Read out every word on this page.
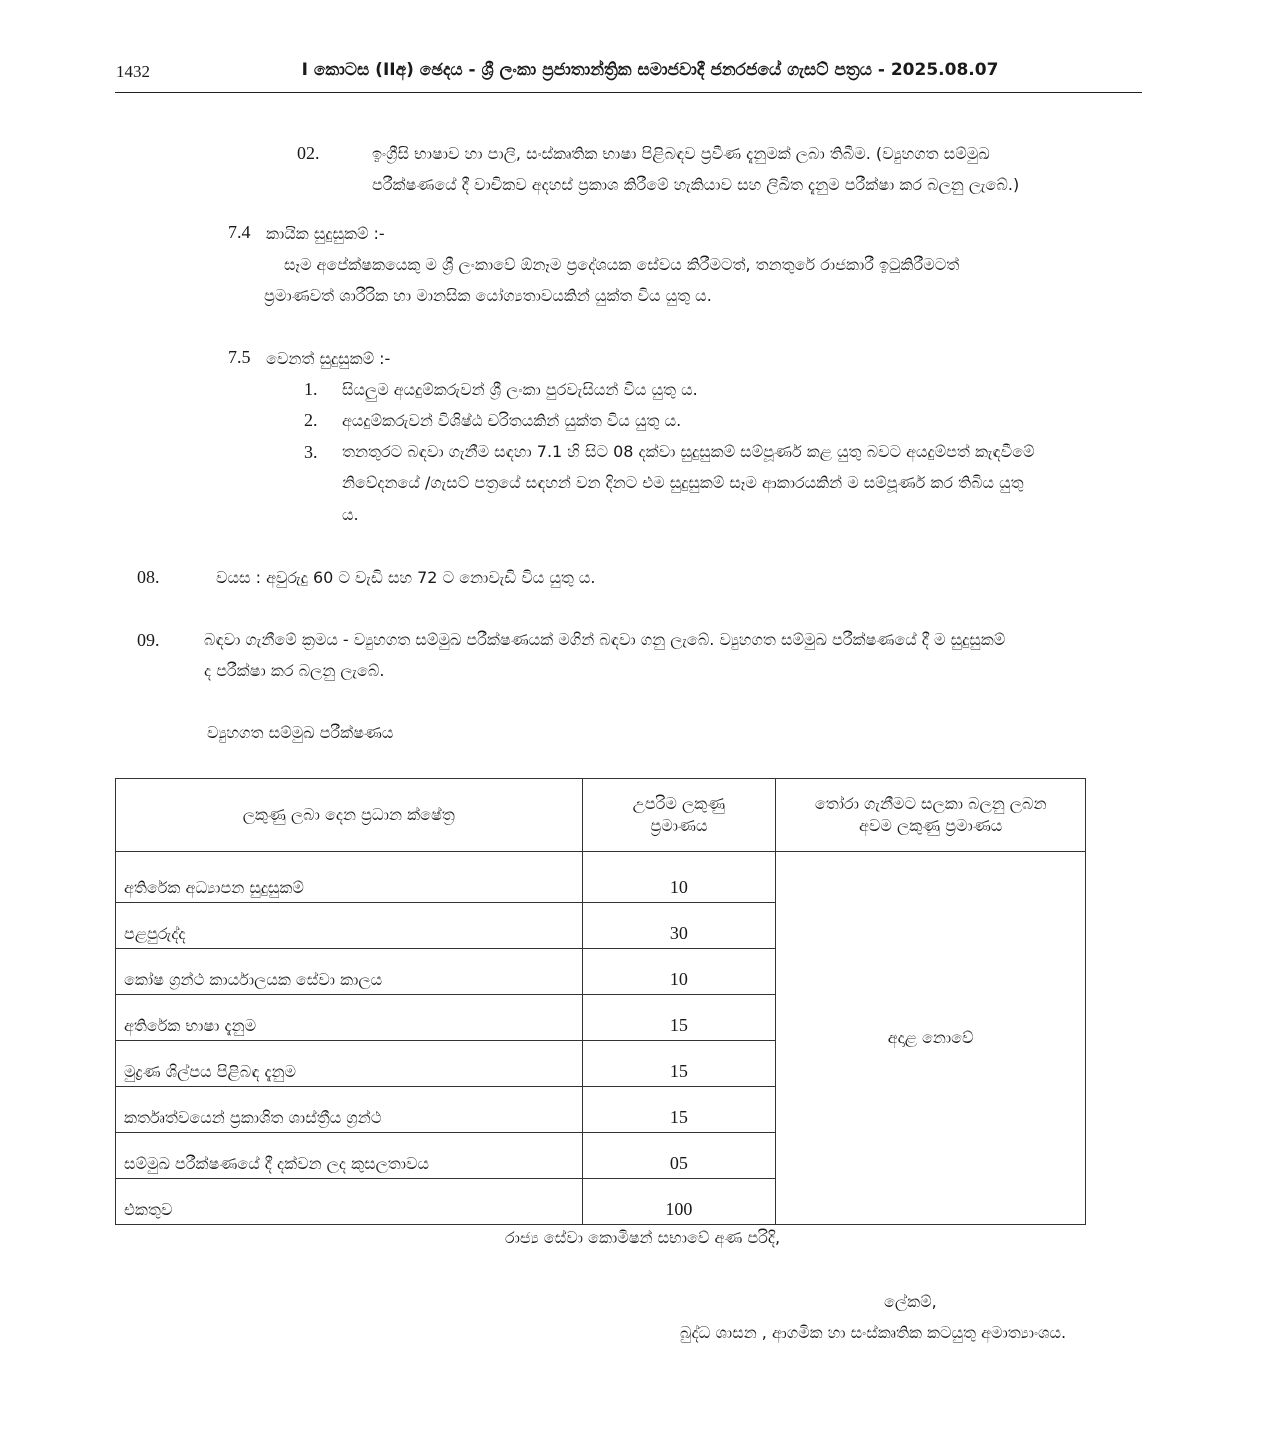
1432	I කොටස (IIඅ) ඡෙදය - ශ්‍රී ලංකා ප්‍රජාතාන්ත්‍රික සමාජවාදී ජනරජයේ ගැසට් පත්‍රය - 2025.08.07
02.	ඉංග්‍රීසි භාෂාව හා පාලි, සංස්කෘතික භාෂා පිළිබඳව ප්‍රවීණ දැනුමක් ලබා තිබීම. (ව්‍යුහගත සම්මුඛ
පරීක්ෂණයේ දී වාචිකව අදහස් ප්‍රකාශ කිරීමේ හැකියාව සහ ලිඛිත දැනුම පරීක්ෂා කර බලනු ලැබේ.)
7.4 කායික සුදුසුකම් :-
සෑම අපේක්ෂකයෙකු ම ශ්‍රී ලංකාවේ ඕනෑම ප්‍රදේශයක සේවය කිරීමටත්, තනතුරේ රාජකාරී ඉටුකිරීමටත්
ප්‍රමාණවත් ශාරීරික හා මානසික යෝග්‍යතාවයකින් යුක්ත විය යුතු ය.
7.5 වෙනත් සුදුසුකම් :-
1. සියලුම අයදුම්කරුවන් ශ්‍රී ලංකා පුරවැසියන් විය යුතු ය.
2. අයදුම්කරුවන් විශිෂ්ඨ චරිතයකින් යුක්ත විය යුතු ය.
3. තනතුරට බඳවා ගැනීම සඳහා 7.1 හි සිට 08 දක්වා සුදුසුකම් සම්පූර්ණ කළ යුතු බවට අයදුම්පත් කැඳවීමේ
නිවේදනයේ /ගැසට් පත්‍රයේ සඳහන් වන දිනට එම සුදුසුකම් සෑම ආකාරයකින් ම සම්පූර්ණ කර තිබිය යුතු
ය.
08.	වයස : අවුරුදු 60 ට වැඩි සහ 72 ට නොවැඩි විය යුතු ය.
09.	බඳවා ගැනීමේ ක්‍රමය - ව්‍යුහගත සම්මුඛ පරීක්ෂණයක් මගින් බඳවා ගනු ලැබේ. ව්‍යුහගත සම්මුඛ පරීක්ෂණයේ දී ම සුදුසුකම්
ද පරීක්ෂා කර බලනු ලැබේ.
ව්‍යුහගත සම්මුඛ පරීක්ෂණය
ලකුණු ලබා දෙන ප්‍රධාන ක්ෂේත්‍ර	
උපරිම ලකුණු
ප්‍රමාණය

තෝරා ගැනීමට සලකා බලනු ලබන
අවම ලකුණු ප්‍රමාණය

අතිරේක අධ්‍යාපන සුදුසුකම්	10	අදාළ නොවේ
පළපුරුද්ද	30
කෝෂ ග්‍රන්ථ කාර්යාලයක සේවා කාලය	10
අතිරේක භාෂා දැනුම	15
මුද්‍රණ ශිල්පය පිළිබඳ දැනුම	15
කර්තෘත්වයෙන් ප්‍රකාශිත ශාස්ත්‍රීය ග්‍රන්ථ	15
සම්මුඛ පරීක්ෂණයේ දී දක්වන ලද කුසලතාවය	05
එකතුව	100
රාජ්‍ය සේවා කොමිෂන් සභාවේ අණ පරිදි,
ලේකම්,
බුද්ධ ශාසන , ආගමික හා සංස්කෘතික කටයුතු අමාත්‍යාංශය.
